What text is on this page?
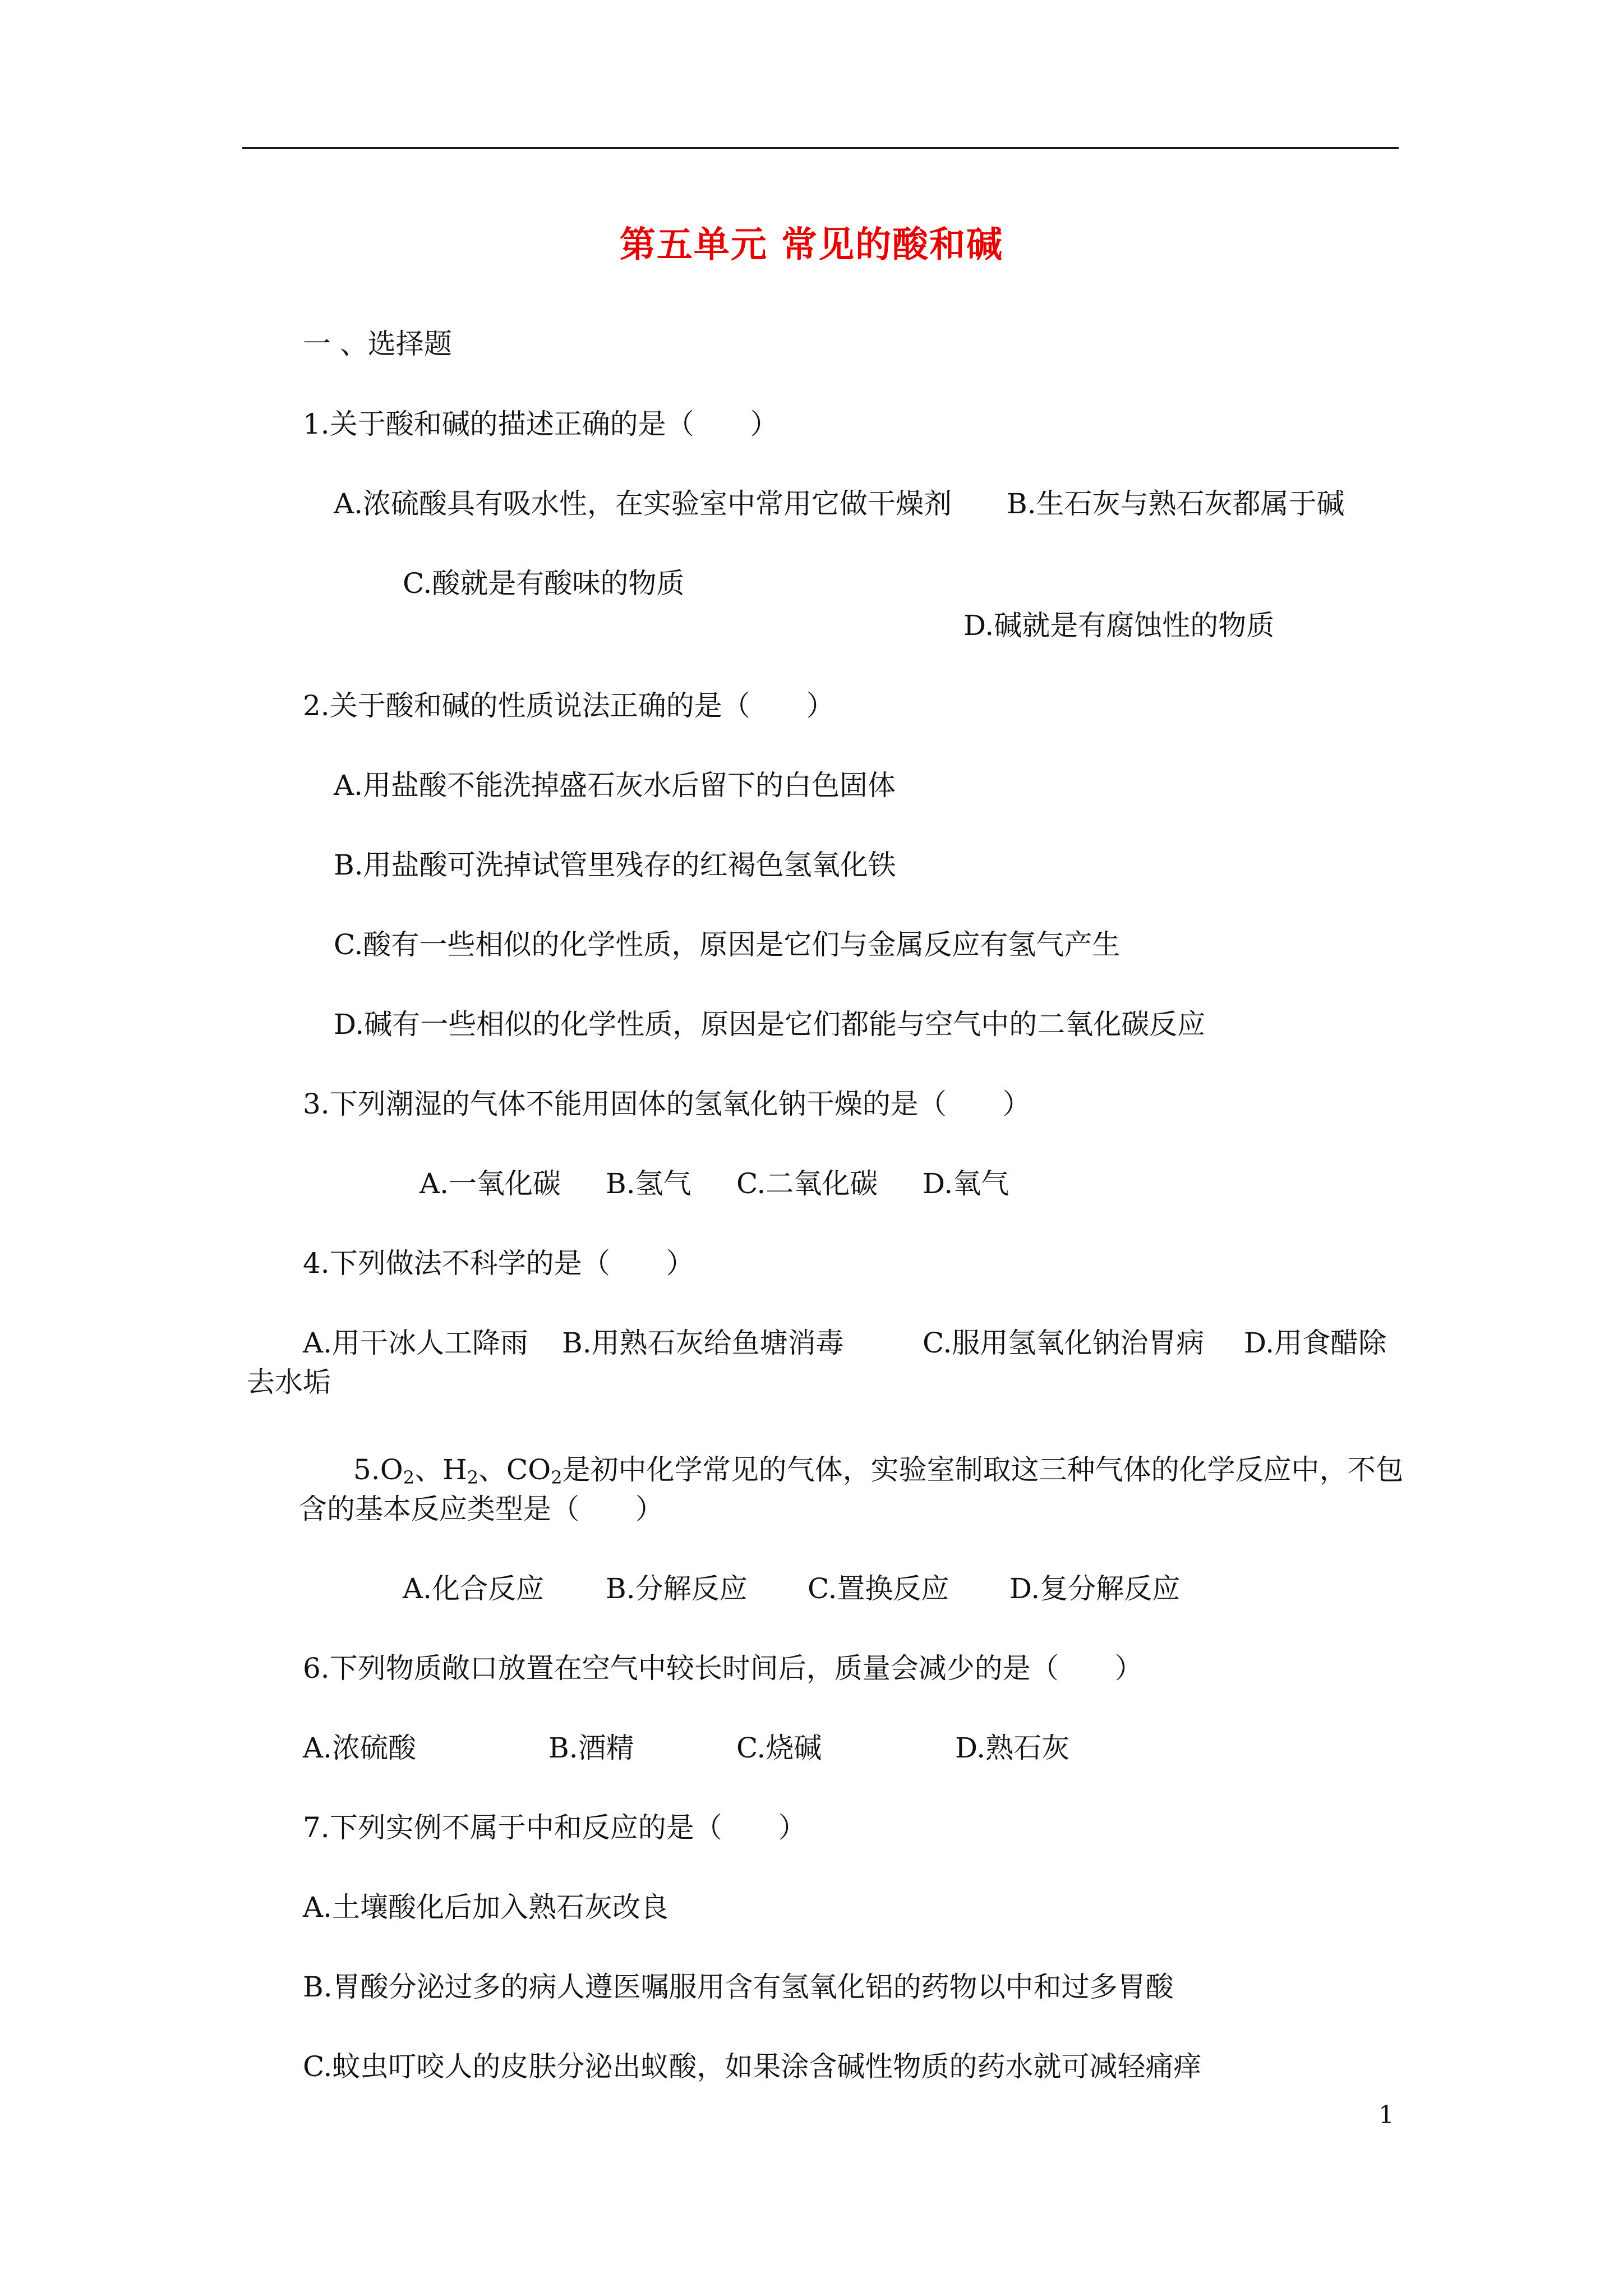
第五单元 常见的酸和碱
一 、选择题
1.关于酸和碱的描述正确的是（　　）
A.浓硫酸具有吸水性，在实验室中常用它做干燥剂 B.生石灰与熟石灰都属于碱
C.酸就是有酸味的物质
D.碱就是有腐蚀性的物质
2.关于酸和碱的性质说法正确的是（　　）
A.用盐酸不能洗掉盛石灰水后留下的白色固体
B.用盐酸可洗掉试管里残存的红褐色氢氧化铁
C.酸有一些相似的化学性质，原因是它们与金属反应有氢气产生
D.碱有一些相似的化学性质，原因是它们都能与空气中的二氧化碳反应
3.下列潮湿的气体不能用固体的氢氧化钠干燥的是（　　）
A.一氧化碳 B.氢气 C.二氧化碳 D.氧气
4.下列做法不科学的是（　　）
A.用干冰人工降雨 B.用熟石灰给鱼塘消毒	C.服用氢氧化钠治胃病 D.用食醋除
去水垢
$5.O_2$、$H_2$、$CO_2$是初中化学常见的气体，实验室制取这三种气体的化学反应中，不包
含的基本反应类型是（　　）
A.化合反应 B.分解反应 C.置换反应 D.复分解反应
6.下列物质敞口放置在空气中较长时间后，质量会减少的是（　　）
A.浓硫酸	B.酒精	C.烧碱	D.熟石灰
7.下列实例不属于中和反应的是（　　）
A.土壤酸化后加入熟石灰改良
B.胃酸分泌过多的病人遵医嘱服用含有氢氧化铝的药物以中和过多胃酸
C.蚊虫叮咬人的皮肤分泌出蚁酸，如果涂含碱性物质的药水就可减轻痛痒
1
